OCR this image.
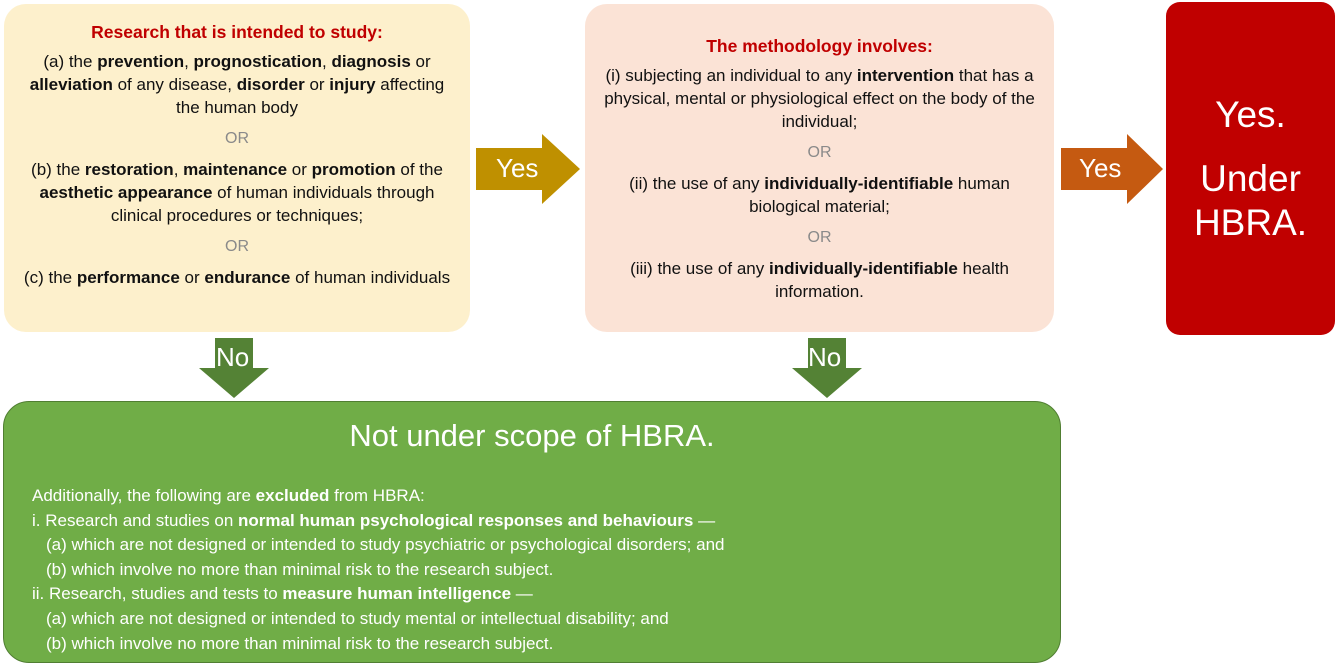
Research that is intended to study:
(a) the prevention, prognostication, diagnosis or alleviation of any disease, disorder or injury affecting the human body
OR
(b) the restoration, maintenance or promotion of the aesthetic appearance of human individuals through clinical procedures or techniques;
OR
(c) the performance or endurance of human individuals
Yes
The methodology involves:
(i) subjecting an individual to any intervention that has a physical, mental or physiological effect on the body of the individual;
OR
(ii) the use of any individually-identifiable human biological material;
OR
(iii) the use of any individually-identifiable health information.
Yes
Yes.
Under
HBRA.
No	No
Not under scope of HBRA.
Additionally, the following are excluded from HBRA:
i. Research and studies on normal human psychological responses and behaviours —
(a) which are not designed or intended to study psychiatric or psychological disorders; and
(b) which involve no more than minimal risk to the research subject.
ii. Research, studies and tests to measure human intelligence —
(a) which are not designed or intended to study mental or intellectual disability; and
(b) which involve no more than minimal risk to the research subject.
